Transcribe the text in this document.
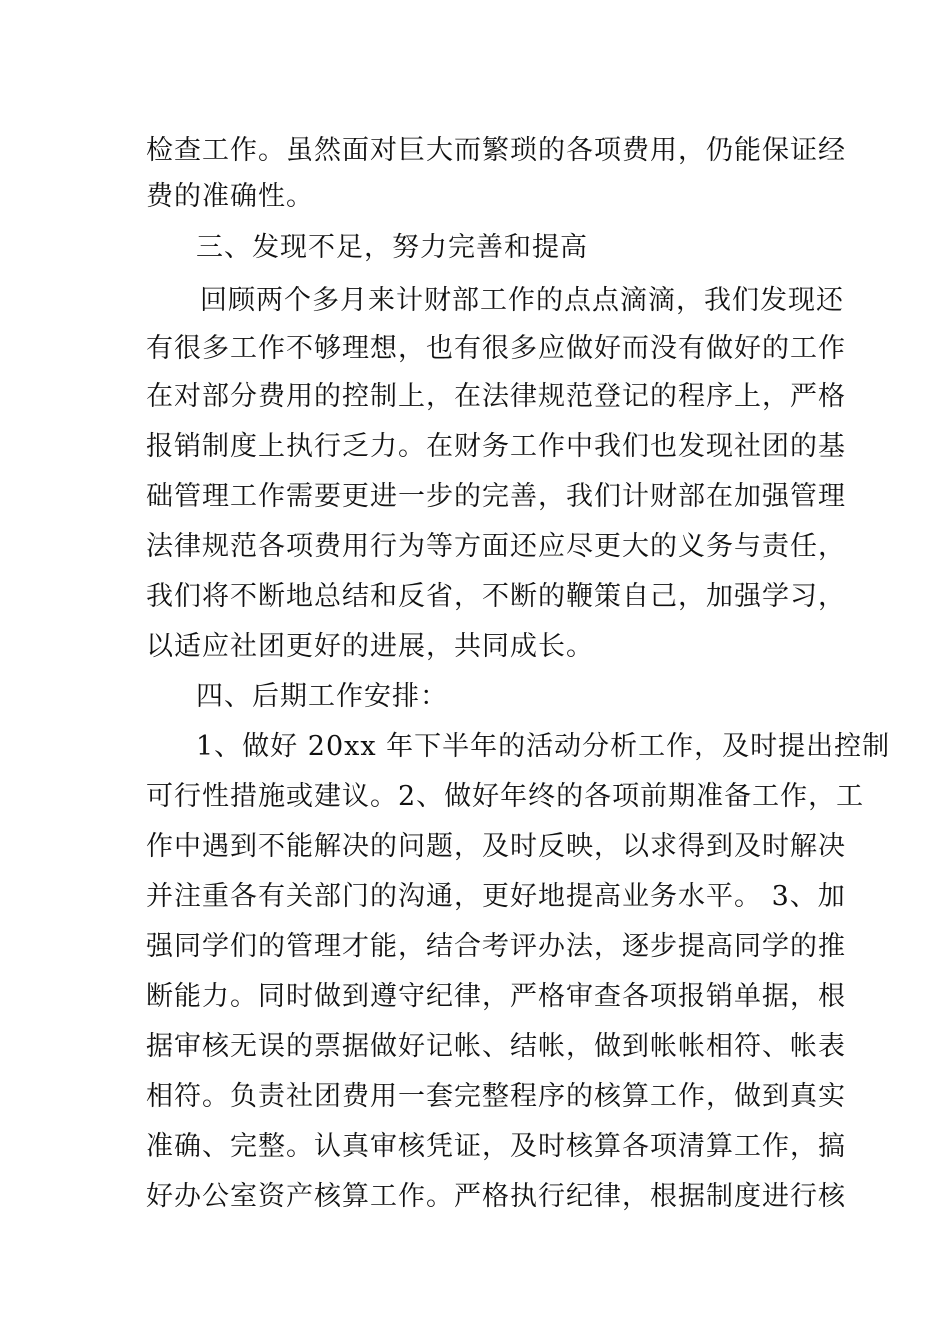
检查工作。虽然面对巨大而繁琐的各项费用，仍能保证经
费的准确性。
三、发现不足，努力完善和提高
回顾两个多月来计财部工作的点点滴滴，我们发现还
有很多工作不够理想，也有很多应做好而没有做好的工作
在对部分费用的控制上，在法律规范登记的程序上，严格
报销制度上执行乏力。在财务工作中我们也发现社团的基
础管理工作需要更进一步的完善，我们计财部在加强管理
法律规范各项费用行为等方面还应尽更大的义务与责任，
我们将不断地总结和反省，不断的鞭策自己，加强学习，
以适应社团更好的进展，共同成长。
四、后期工作安排：
1、做好 20xx 年下半年的活动分析工作，及时提出控制
可行性措施或建议。2、做好年终的各项前期准备工作，工
作中遇到不能解决的问题，及时反映，以求得到及时解决
并注重各有关部门的沟通，更好地提高业务水平。 3、加
强同学们的管理才能，结合考评办法，逐步提高同学的推
断能力。同时做到遵守纪律，严格审查各项报销单据，根
据审核无误的票据做好记帐、结帐，做到帐帐相符、帐表
相符。负责社团费用一套完整程序的核算工作，做到真实
准确、完整。认真审核凭证，及时核算各项清算工作，搞
好办公室资产核算工作。严格执行纪律，根据制度进行核
